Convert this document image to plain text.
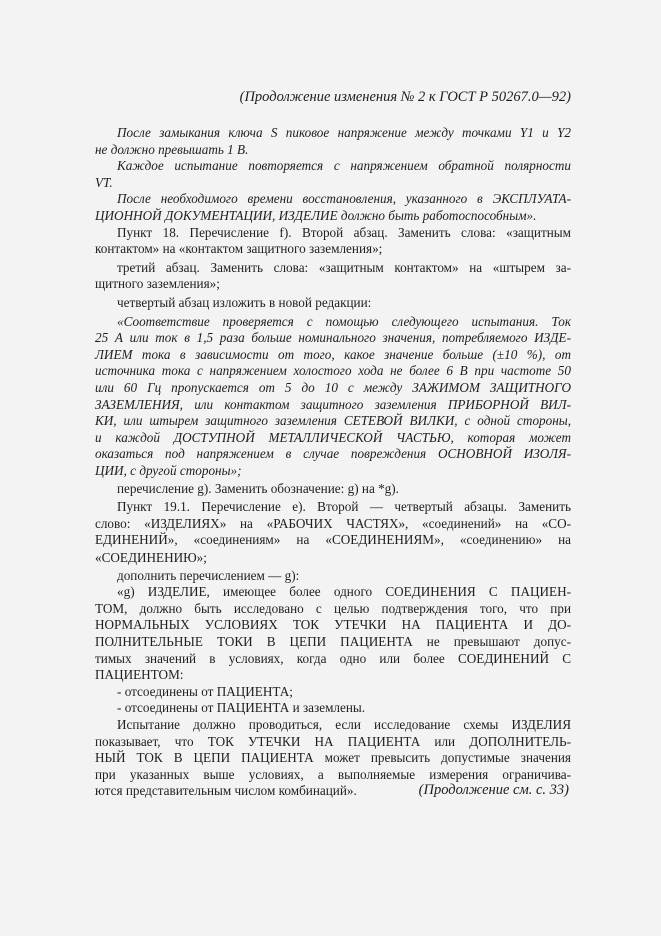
(Продолжение изменения № 2 к ГОСТ Р 50267.0—92)

После замыкания ключа S пиковое напряжение между точками Y1 и Y2

не должно превышать 1 В.

Каждое испытание повторяется с напряжением обратной полярности

VT.

После необходимого времени восстановления, указанного в ЭКСПЛУАТА-

ЦИОННОЙ ДОКУМЕНТАЦИИ, ИЗДЕЛИЕ должно быть работоспособным».

Пункт 18. Перечисление f). Второй абзац. Заменить слова: «защитным

контактом» на «контактом защитного заземления»;

третий абзац. Заменить слова: «защитным контактом» на «штырем за-

щитного заземления»;

четвертый абзац изложить в новой редакции:

«Соответствие проверяется с помощью следующего испытания. Ток

25 А или ток в 1,5 раза больше номинального значения, потребляемого ИЗДЕ-

ЛИЕМ тока в зависимости от того, какое значение больше (±10 %), от

источника тока с напряжением холостого хода не более 6 В при частоте 50

или 60 Гц пропускается от 5 до 10 с между ЗАЖИМОМ ЗАЩИТНОГО

ЗАЗЕМЛЕНИЯ, или контактом защитного заземления ПРИБОРНОЙ ВИЛ-

КИ, или штырем защитного заземления СЕТЕВОЙ ВИЛКИ, с одной стороны,

и каждой ДОСТУПНОЙ МЕТАЛЛИЧЕСКОЙ ЧАСТЬЮ, которая может

оказаться под напряжением в случае повреждения ОСНОВНОЙ ИЗОЛЯ-

ЦИИ, с другой стороны»;

перечисление g). Заменить обозначение: g) на *g).

Пункт 19.1. Перечисление е). Второй — четвертый абзацы. Заменить

слово: «ИЗДЕЛИЯХ» на «РАБОЧИХ ЧАСТЯХ», «соединений» на «СО-

ЕДИНЕНИЙ», «соединениям» на «СОЕДИНЕНИЯМ», «соединению» на

«СОЕДИНЕНИЮ»;

дополнить перечислением — g):

«g) ИЗДЕЛИЕ, имеющее более одного СОЕДИНЕНИЯ С ПАЦИЕН-

ТОМ, должно быть исследовано с целью подтверждения того, что при

НОРМАЛЬНЫХ УСЛОВИЯХ ТОК УТЕЧКИ НА ПАЦИЕНТА И ДО-

ПОЛНИТЕЛЬНЫЕ ТОКИ В ЦЕПИ ПАЦИЕНТА не превышают допус-

тимых значений в условиях, когда одно или более СОЕДИНЕНИЙ С

ПАЦИЕНТОМ:

- отсоединены от ПАЦИЕНТА;

- отсоединены от ПАЦИЕНТА и заземлены.

Испытание должно проводиться, если исследование схемы ИЗДЕЛИЯ

показывает, что ТОК УТЕЧКИ НА ПАЦИЕНТА или ДОПОЛНИТЕЛЬ-

НЫЙ ТОК В ЦЕПИ ПАЦИЕНТА может превысить допустимые значения

при указанных выше условиях, а выполняемые измерения ограничива-

ются представительным числом комбинаций».	(Продолжение см. с. 33)
